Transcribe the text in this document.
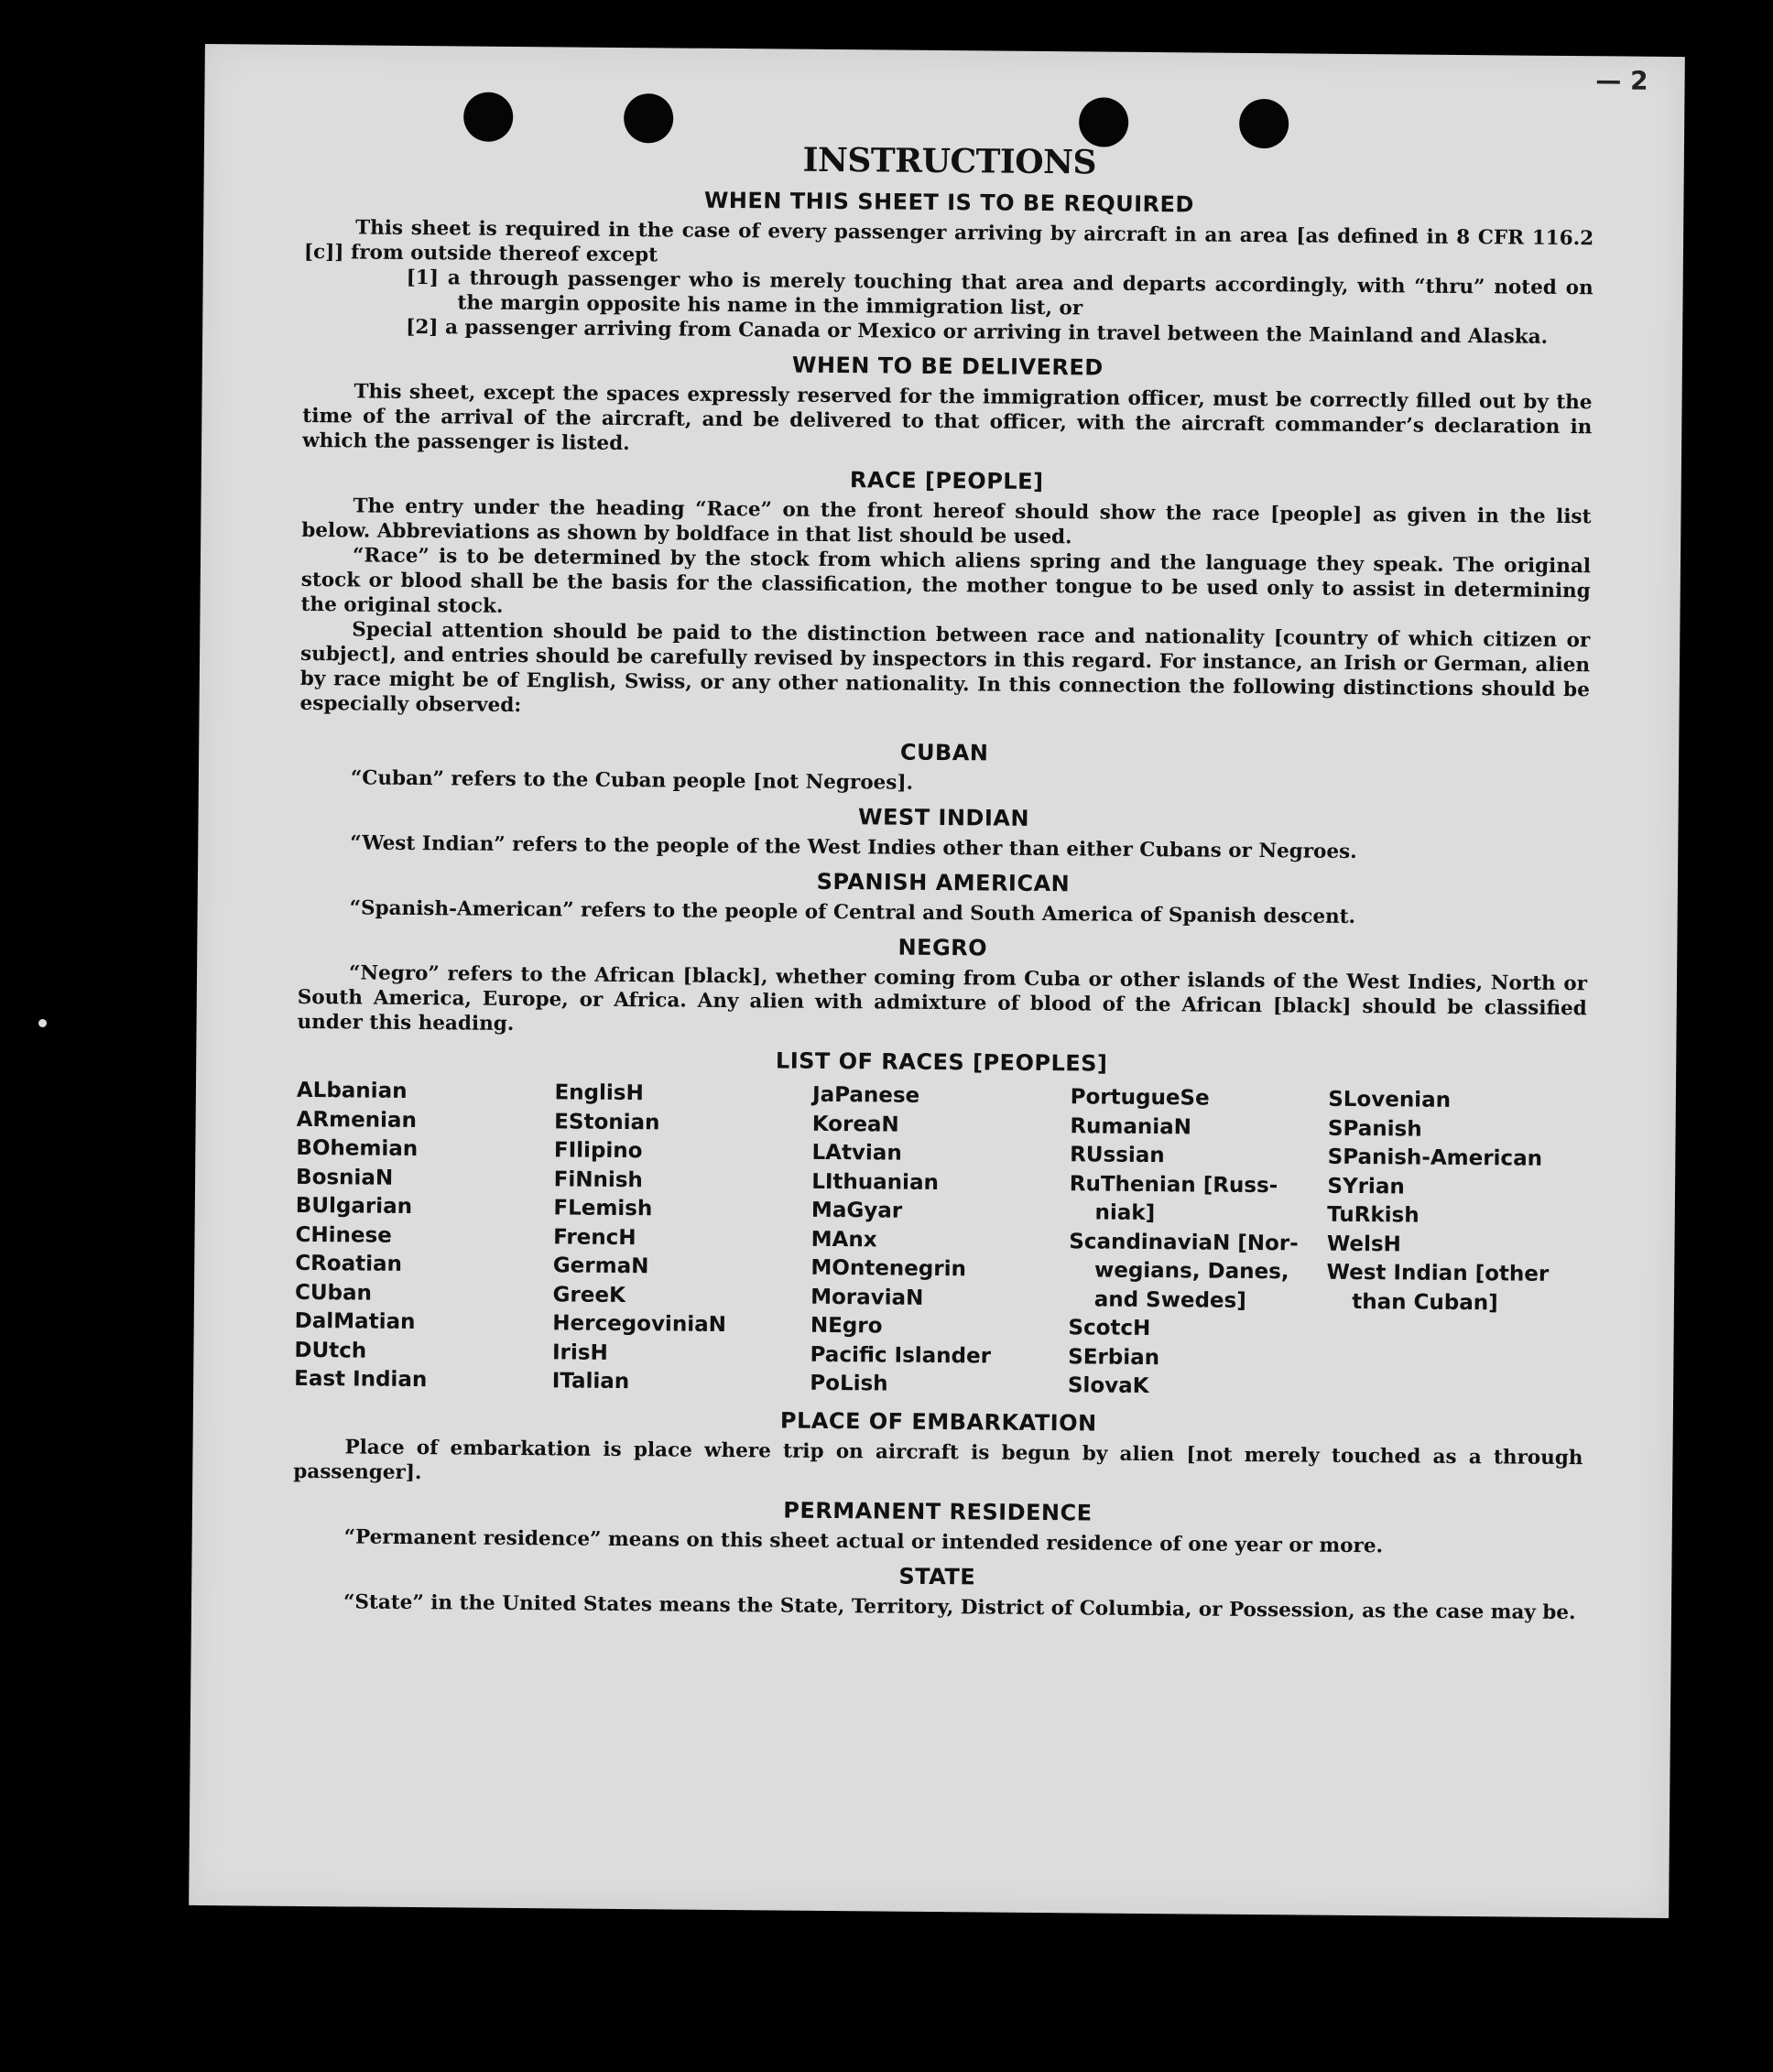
— 2
INSTRUCTIONS
WHEN THIS SHEET IS TO BE REQUIRED

This sheet is required in the case of every passenger arriving by aircraft in an area [as defined in 8 CFR 116.2 [c]] from outside thereof except

[1] a through passenger who is merely touching that area and departs accordingly, with “thru” noted on the margin opposite his name in the immigration list, or
[2] a passenger arriving from Canada or Mexico or arriving in travel between the Mainland and Alaska.
WHEN TO BE DELIVERED

This sheet, except the spaces expressly reserved for the immigration officer, must be correctly filled out by the time of the arrival of the aircraft, and be delivered to that officer, with the aircraft commander’s declaration in which the passenger is listed.

RACE [PEOPLE]

The entry under the heading “Race” on the front hereof should show the race [people] as given in the list below. Abbreviations as shown by boldface in that list should be used.

“Race” is to be determined by the stock from which aliens spring and the language they speak. The original stock or blood shall be the basis for the classification, the mother tongue to be used only to assist in determining the original stock.

Special attention should be paid to the distinction between race and nationality [country of which citizen or subject], and entries should be carefully revised by inspectors in this regard. For instance, an Irish or German, alien by race might be of English, Swiss, or any other nationality. In this connection the following distinctions should be especially observed:

CUBAN

“Cuban” refers to the Cuban people [not Negroes].

WEST INDIAN

“West Indian” refers to the people of the West Indies other than either Cubans or Negroes.

SPANISH AMERICAN

“Spanish-American” refers to the people of Central and South America of Spanish descent.

NEGRO

“Negro” refers to the African [black], whether coming from Cuba or other islands of the West Indies, North or South America, Europe, or Africa. Any alien with admixture of blood of the African [black] should be classified under this heading.

LIST OF RACES [PEOPLES]
ALbanian
ARmenian
BOhemian
BosniaN
BUlgarian
CHinese
CRoatian
CUban
DalMatian
DUtch
East Indian
EnglisH
EStonian
FIlipino
FiNnish
FLemish
FrencH
GermaN
GreeK
HercegoviniaN
IrisH
ITalian
JaPanese
KoreaN
LAtvian
LIthuanian
MaGyar
MAnx
MOntenegrin
MoraviaN
NEgro
Pacific Islander
PoLish
PortugueSe
RumaniaN
RUssian
RuThenian [Russ-
niak]
ScandinaviaN [Nor-
wegians, Danes,
and Swedes]
ScotcH
SErbian
SlovaK
SLovenian
SPanish
SPanish-American
SYrian
TuRkish
WelsH
West Indian [other
than Cuban]
PLACE OF EMBARKATION

Place of embarkation is place where trip on aircraft is begun by alien [not merely touched as a through passenger].

PERMANENT RESIDENCE

“Permanent residence” means on this sheet actual or intended residence of one year or more.

STATE

“State” in the United States means the State, Territory, District of Columbia, or Possession, as the case may be.
